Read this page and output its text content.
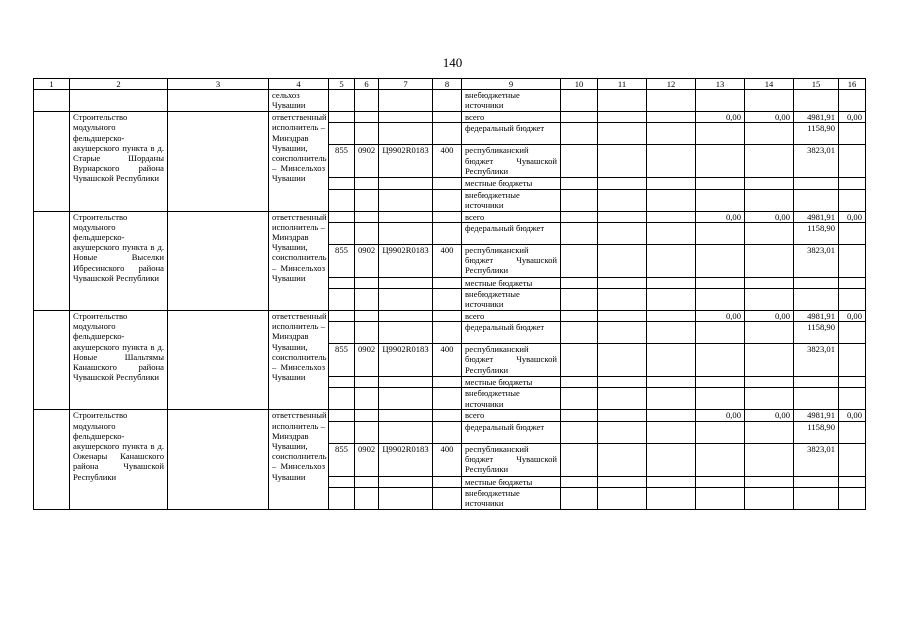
140
1	2	3	4	5	6	7	8	9	10	11	12	13	14	15	16
			сельхоз Чувашии					внебюджетные источники							
	Строительство модульного фельдшерско-акушерского пункта в д. Старые Шорданы Вурнарского района Чувашской Республики		ответственный исполнитель – Минздрав Чувашии, соисполнитель – Минсельхоз Чувашии					всего				0,00	0,00	4981,91	0,00
								федеральный бюджет						1158,90	
				855	0902	Ц9902R0183	400	республиканский бюджет Чувашской Республики						3823,01	
								местные бюджеты							
								внебюджетные источники							
	Строительство модульного фельдшерско-акушерского пункта в д. Новые Выселки Ибресинского района Чувашской Республики		ответственный исполнитель – Минздрав Чувашии, соисполнитель – Минсельхоз Чувашии					всего				0,00	0,00	4981,91	0,00
								федеральный бюджет						1158,90	
				855	0902	Ц9902R0183	400	республиканский бюджет Чувашской Республики						3823,01	
								местные бюджеты							
								внебюджетные источники							
	Строительство модульного фельдшерско-акушерского пункта в д. Новые Шальтямы Канашского района Чувашской Республики		ответственный исполнитель – Минздрав Чувашии, соисполнитель – Минсельхоз Чувашии					всего				0,00	0,00	4981,91	0,00
								федеральный бюджет						1158,90	
				855	0902	Ц9902R0183	400	республиканский бюджет Чувашской Республики						3823,01	
								местные бюджеты							
								внебюджетные источники							
	Строительство модульного фельдшерско-акушерского пункта в д. Оженары Канашского района Чувашской Республики		ответственный исполнитель – Минздрав Чувашии, соисполнитель – Минсельхоз Чувашии					всего				0,00	0,00	4981,91	0,00
								федеральный бюджет						1158,90	
				855	0902	Ц9902R0183	400	республиканский бюджет Чувашской Республики						3823,01	
								местные бюджеты							
								внебюджетные источники							
